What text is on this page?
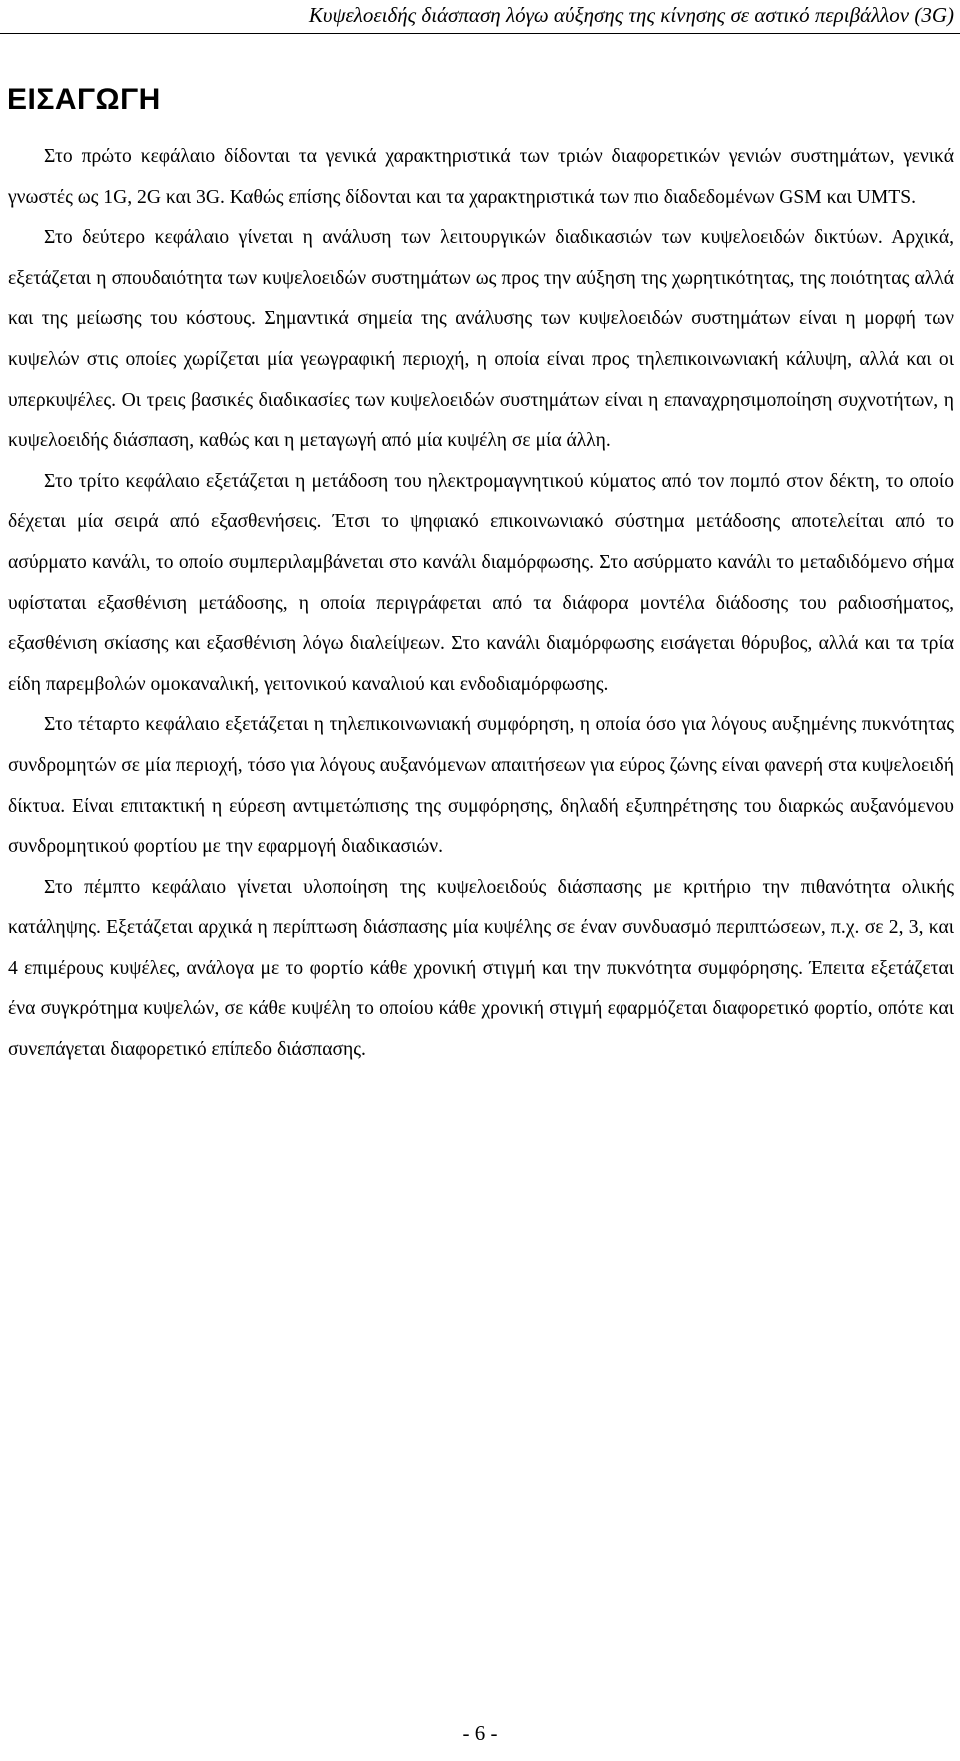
Κυψελοειδής διάσπαση λόγω αύξησης της κίνησης σε αστικό περιβάλλον (3G)
ΕΙΣΑΓΩΓΗ

Στο πρώτο κεφάλαιο δίδονται τα γενικά χαρακτηριστικά των τριών διαφορετικών γενιών συστημάτων, γενικά γνωστές ως 1G, 2G και 3G. Καθώς επίσης δίδονται και τα χαρακτηριστικά των πιο διαδεδομένων GSM και UMTS.

Στο δεύτερο κεφάλαιο γίνεται η ανάλυση των λειτουργικών διαδικασιών των κυψελοειδών δικτύων. Αρχικά, εξετάζεται η σπουδαιότητα των κυψελοειδών συστημάτων ως προς την αύξηση της χωρητικότητας, της ποιότητας αλλά και της μείωσης του κόστους. Σημαντικά σημεία της ανάλυσης των κυψελοειδών συστημάτων είναι η μορφή των κυψελών στις οποίες χωρίζεται μία γεωγραφική περιοχή, η οποία είναι προς τηλεπικοινωνιακή κάλυψη, αλλά και οι υπερκυψέλες. Οι τρεις βασικές διαδικασίες των κυψελοειδών συστημάτων είναι η επαναχρησιμοποίηση συχνοτήτων, η κυψελοειδής διάσπαση, καθώς και η μεταγωγή από μία κυψέλη σε μία άλλη.

Στο τρίτο κεφάλαιο εξετάζεται η μετάδοση του ηλεκτρομαγνητικού κύματος από τον πομπό στον δέκτη, το οποίο δέχεται μία σειρά από εξασθενήσεις. Έτσι το ψηφιακό επικοινωνιακό σύστημα μετάδοσης αποτελείται από το ασύρματο κανάλι, το οποίο συμπεριλαμβάνεται στο κανάλι διαμόρφωσης. Στο ασύρματο κανάλι το μεταδιδόμενο σήμα υφίσταται εξασθένιση μετάδοσης, η οποία περιγράφεται από τα διάφορα μοντέλα διάδοσης του ραδιοσήματος, εξασθένιση σκίασης και εξασθένιση λόγω διαλείψεων. Στο κανάλι διαμόρφωσης εισάγεται θόρυβος, αλλά και τα τρία είδη παρεμβολών ομοκαναλική, γειτονικού καναλιού και ενδοδιαμόρφωσης.

Στο τέταρτο κεφάλαιο εξετάζεται η τηλεπικοινωνιακή συμφόρηση, η οποία όσο για λόγους αυξημένης πυκνότητας συνδρομητών σε μία περιοχή, τόσο για λόγους αυξανόμενων απαιτήσεων για εύρος ζώνης είναι φανερή στα κυψελοειδή δίκτυα. Είναι επιτακτική η εύρεση αντιμετώπισης της συμφόρησης, δηλαδή εξυπηρέτησης του διαρκώς αυξανόμενου συνδρομητικού φορτίου με την εφαρμογή διαδικασιών.

Στο πέμπτο κεφάλαιο γίνεται υλοποίηση της κυψελοειδούς διάσπασης με κριτήριο την πιθανότητα ολικής κατάληψης. Εξετάζεται αρχικά η περίπτωση διάσπασης μία κυψέλης σε έναν συνδυασμό περιπτώσεων, π.χ. σε 2, 3, και 4 επιμέρους κυψέλες, ανάλογα με το φορτίο κάθε χρονική στιγμή και την πυκνότητα συμφόρησης. Έπειτα εξετάζεται ένα συγκρότημα κυψελών, σε κάθε κυψέλη το οποίου κάθε χρονική στιγμή εφαρμόζεται διαφορετικό φορτίο, οπότε και συνεπάγεται διαφορετικό επίπεδο διάσπασης.

- 6 -
